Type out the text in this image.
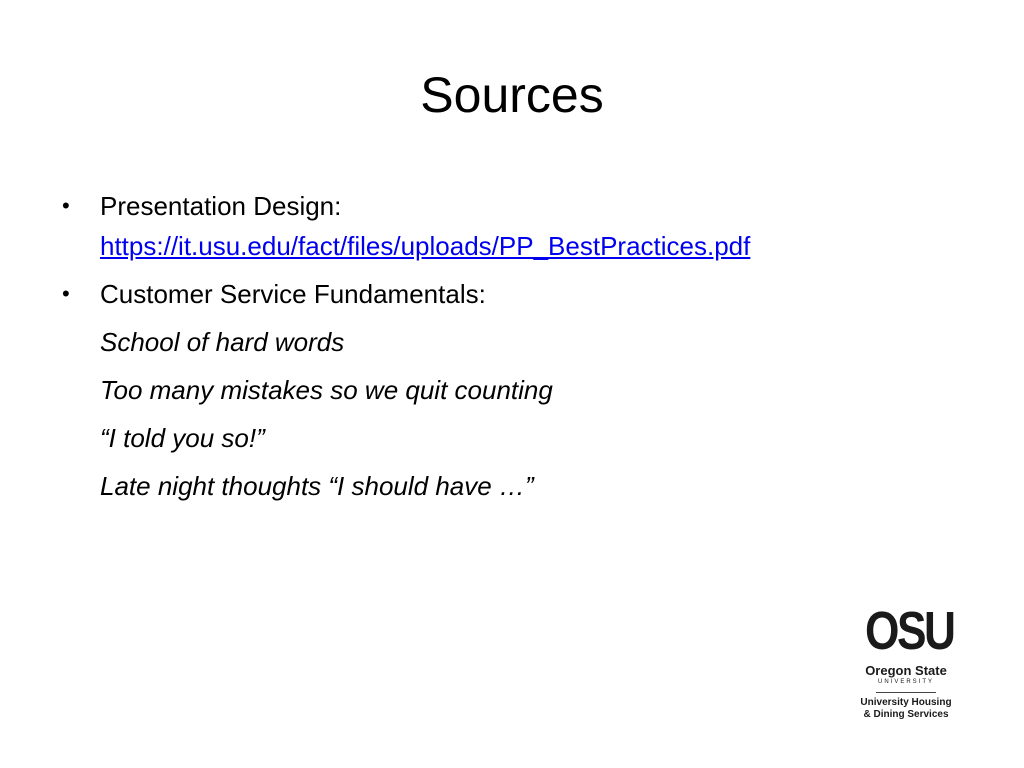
Sources
•	Presentation Design:
https://it.usu.edu/fact/files/uploads/PP_BestPractices.pdf
•	Customer Service Fundamentals:
School of hard words
Too many mistakes so we quit counting
“I told you so!”
Late night thoughts “I should have …”
OSU
Oregon State
UNIVERSITY
University Housing
& Dining Services
